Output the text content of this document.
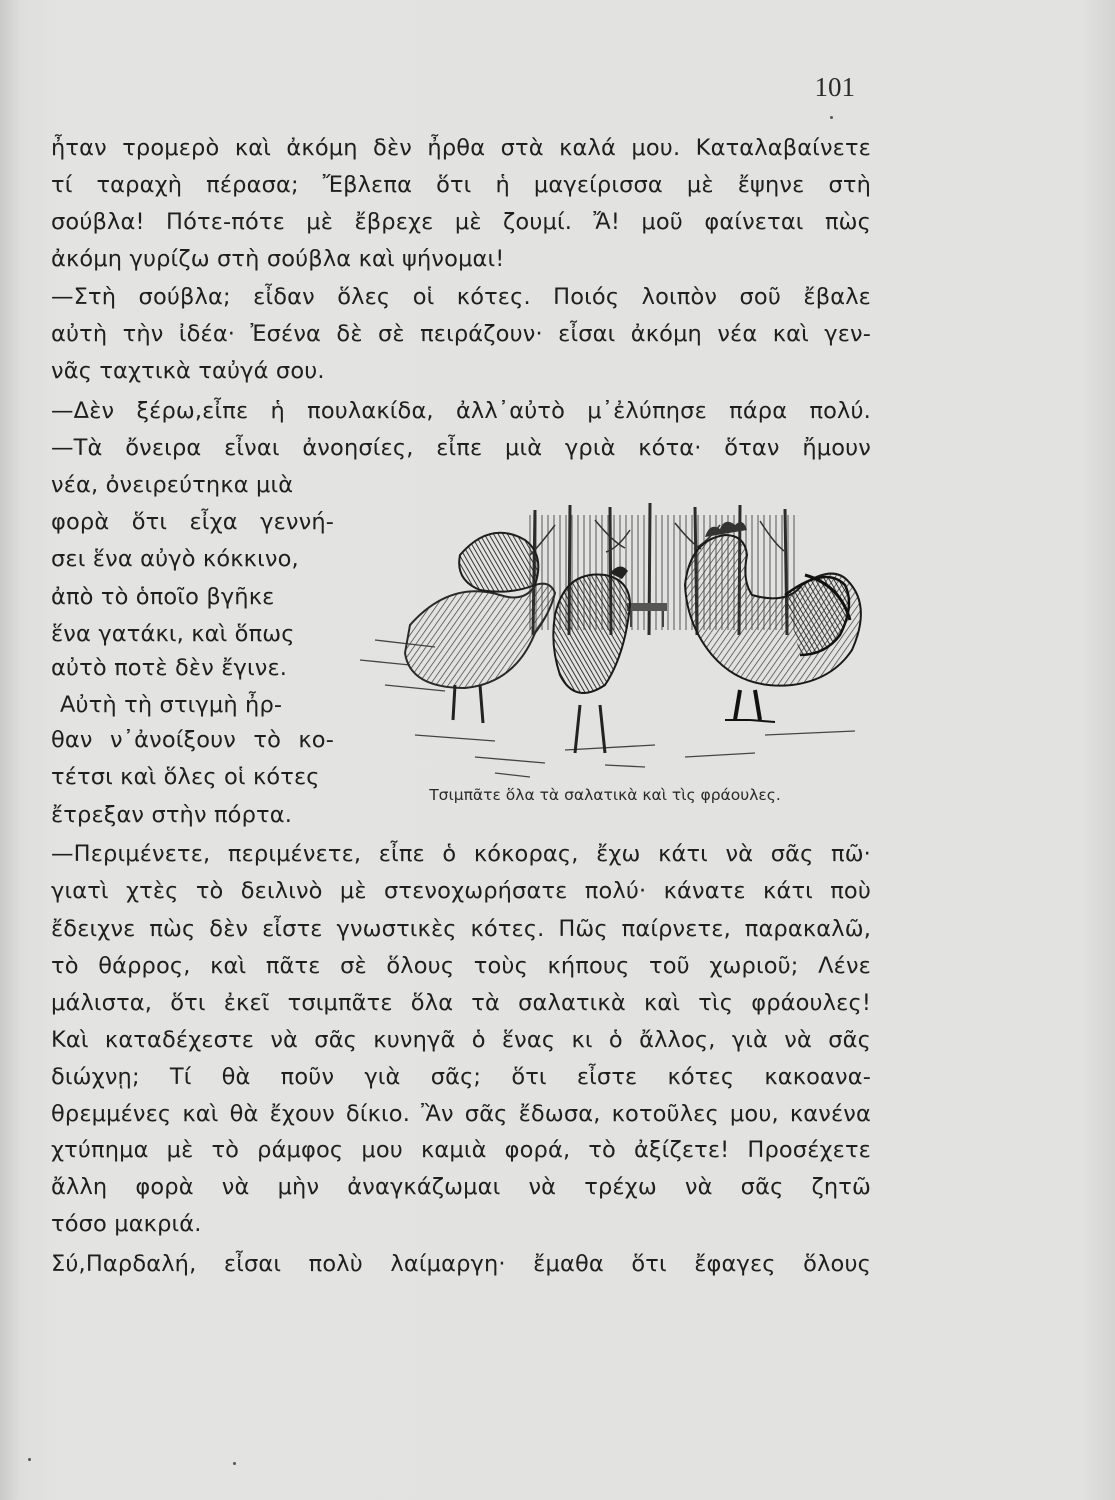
101
ἦταν τρομερὸ καὶ ἀκόμη δὲν ἦρθα στὰ καλά μου. Καταλαβαίνετε
τί ταραχὴ πέρασα; Ἔβλεπα ὅτι ἡ μαγείρισσα μὲ ἔψηνε στὴ
σούβλα! Πότε-πότε μὲ ἔβρεχε μὲ ζουμί. Ἄ! μοῦ φαίνεται πὼς
ἀκόμη γυρίζω στὴ σούβλα καὶ ψήνομαι!
—Στὴ σούβλα; εἶδαν ὅλες οἱ κότες. Ποιός λοιπὸν σοῦ ἔβαλε
αὐτὴ τὴν ἰδέα· Ἐσένα δὲ σὲ πειράζουν· εἶσαι ἀκόμη νέα καὶ γεν-
νᾶς ταχτικὰ ταὐγά σου.
—Δὲν ξέρω,εἶπε ἡ πουλακίδα, ἀλλ᾽αὐτὸ μ᾽ἐλύπησε πάρα πολύ.
—Τὰ ὄνειρα εἶναι ἀνοησίες, εἶπε μιὰ γριὰ κότα· ὅταν ἤμουν
νέα, ὀνειρεύτηκα μιὰ
φορὰ ὅτι εἶχα γεννή-
σει ἕνα αὐγὸ κόκκινο,
ἀπὸ τὸ ὁποῖο βγῆκε
ἕνα γατάκι, καὶ ὅπως
αὐτὸ ποτὲ δὲν ἔγινε.
Αὐτὴ τὴ στιγμὴ ἦρ-
θαν ν᾽ἀνοίξουν τὸ κο-
τέτσι καὶ ὅλες οἱ κότες
ἔτρεξαν στὴν πόρτα.
Τσιμπᾶτε ὅλα τὰ σαλατικὰ καὶ τὶς φράουλες.
—Περιμένετε, περιμένετε, εἶπε ὁ κόκορας, ἔχω κάτι νὰ σᾶς πῶ·
γιατὶ χτὲς τὸ δειλινὸ μὲ στενοχωρήσατε πολύ· κάνατε κάτι ποὺ
ἔδειχνε πὼς δὲν εἶστε γνωστικὲς κότες. Πῶς παίρνετε, παρακαλῶ,
τὸ θάρρος, καὶ πᾶτε σὲ ὅλους τοὺς κήπους τοῦ χωριοῦ; Λένε
μάλιστα, ὅτι ἐκεῖ τσιμπᾶτε ὅλα τὰ σαλατικὰ καὶ τὶς φράουλες!
Καὶ καταδέχεστε νὰ σᾶς κυνηγᾶ ὁ ἕνας κι ὁ ἄλλος, γιὰ νὰ σᾶς
διώχνῃ; Τί θὰ ποῦν γιὰ σᾶς; ὅτι εἶστε κότες κακοανα-
θρεμμένες καὶ θὰ ἔχουν δίκιο. Ἂν σᾶς ἔδωσα, κοτοῦλες μου, κανένα
χτύπημα μὲ τὸ ράμφος μου καμιὰ φορά, τὸ ἀξίζετε! Προσέχετε
ἄλλη φορὰ νὰ μὴν ἀναγκάζωμαι νὰ τρέχω νὰ σᾶς ζητῶ
τόσο μακριά.
Σύ,Παρδαλή, εἶσαι πολὺ λαίμαργη· ἔμαθα ὅτι ἔφαγες ὅλους
